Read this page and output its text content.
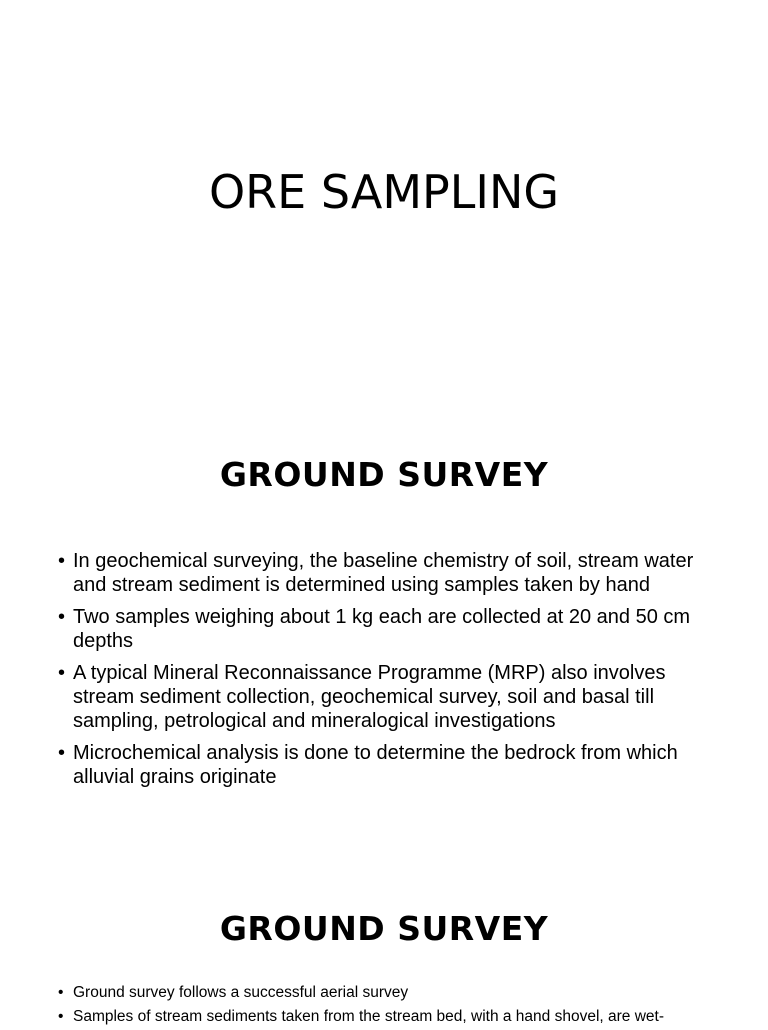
ORE SAMPLING
GROUND SURVEY
• In geochemical surveying, the baseline chemistry of soil, stream water and stream sediment is determined using samples taken by hand
• Two samples weighing about 1 kg each are collected at 20 and 50 cm depths
• A typical Mineral Reconnaissance Programme (MRP) also involves stream sediment collection, geochemical survey, soil and basal till sampling, petrological and mineralogical investigations
• Microchemical analysis is done to determine the bedrock from which alluvial grains originate
GROUND SURVEY
• Ground survey follows a successful aerial survey
• Samples of stream sediments taken from the stream bed, with a hand shovel, are wet-
